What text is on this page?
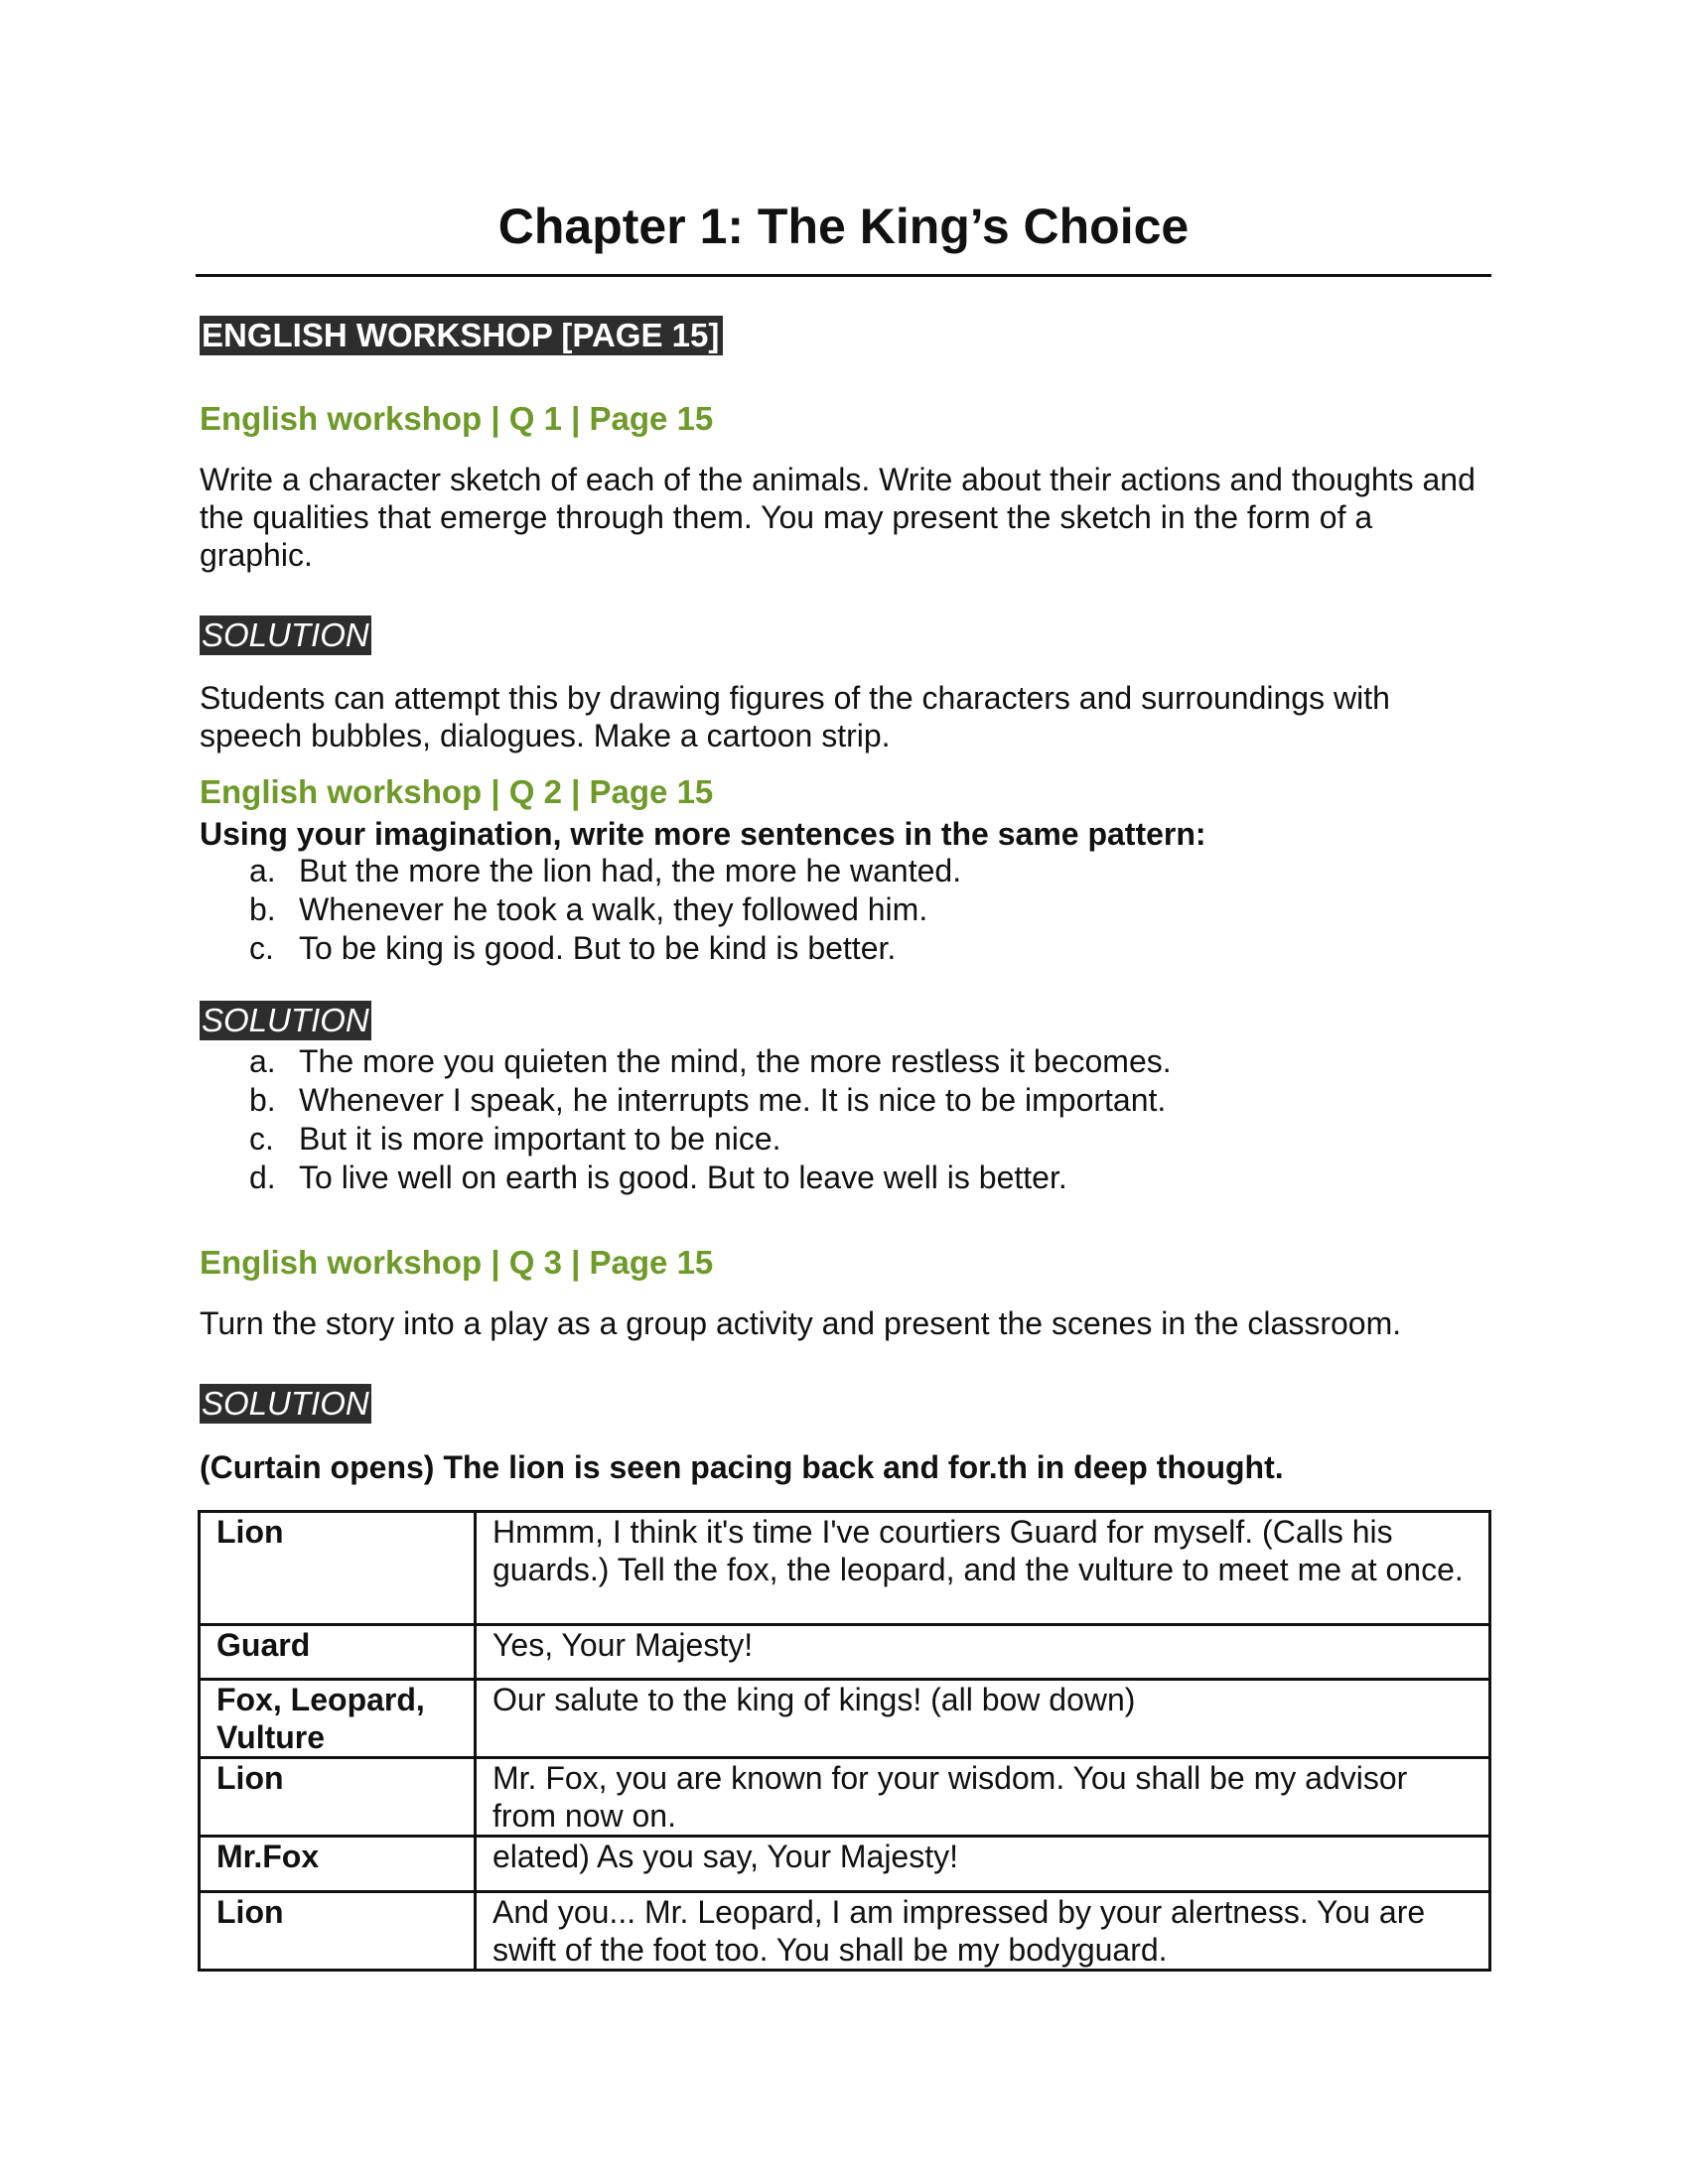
Chapter 1: The King’s Choice
ENGLISH WORKSHOP [PAGE 15]

English workshop | Q 1 | Page 15

Write a character sketch of each of the animals. Write about their actions and thoughts and the qualities that emerge through them. You may present the sketch in the form of a graphic.

SOLUTION

Students can attempt this by drawing figures of the characters and surroundings with speech bubbles, dialogues. Make a cartoon strip.

English workshop | Q 2 | Page 15

Using your imagination, write more sentences in the same pattern:

a. But the more the lion had, the more he wanted.
b. Whenever he took a walk, they followed him.
c. To be king is good. But to be kind is better.
SOLUTION
a. The more you quieten the mind, the more restless it becomes.
b. Whenever I speak, he interrupts me. It is nice to be important.
c. But it is more important to be nice.
d. To live well on earth is good. But to leave well is better.

English workshop | Q 3 | Page 15

Turn the story into a play as a group activity and present the scenes in the classroom.

SOLUTION

(Curtain opens) The lion is seen pacing back and for.th in deep thought.

Lion	Hmmm, I think it's time I've courtiers Guard for myself. (Calls his guards.) Tell the fox, the leopard, and the vulture to meet me at once.
Guard	Yes, Your Majesty!
Fox, Leopard, Vulture	Our salute to the king of kings! (all bow down)
Lion	Mr. Fox, you are known for your wisdom. You shall be my advisor from now on.
Mr.Fox	elated) As you say, Your Majesty!
Lion	And you... Mr. Leopard, I am impressed by your alertness. You are swift of the foot too. You shall be my bodyguard.
